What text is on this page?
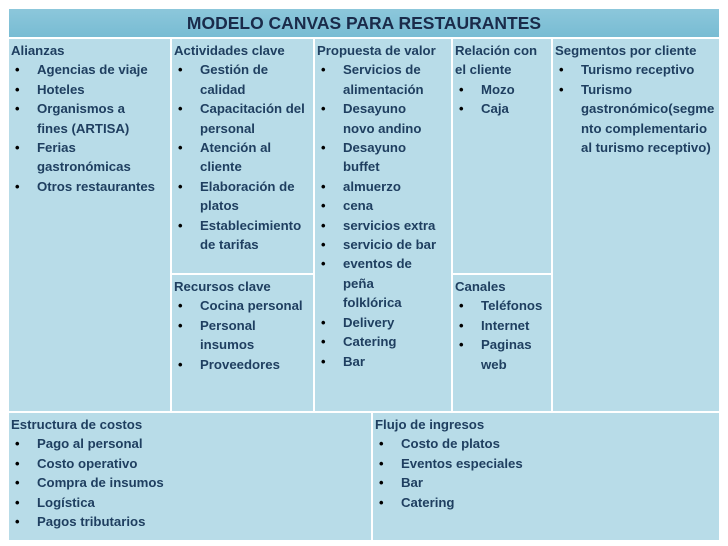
MODELO CANVAS PARA RESTAURANTES
Alianzas
• Agencias de viaje
• Hoteles
• Organismos a fines (ARTISA)
• Ferias gastronómicas
• Otros restaurantes
Actividades clave
• Gestión de calidad
• Capacitación del personal
• Atención al cliente
• Elaboración de platos
• Establecimiento de tarifas
Recursos clave
• Cocina personal
• Personal insumos
• Proveedores
Propuesta de valor
• Servicios de alimentación
• Desayuno novo andino
• Desayuno buffet
• almuerzo
• cena
• servicios extra
• servicio de bar
• eventos de peña folklórica
• Delivery
• Catering
• Bar
Relación con el cliente
• Mozo
• Caja
Canales
• Teléfonos
• Internet
• Paginas web
Segmentos por cliente
• Turismo receptivo
• Turismo gastronómico(segmento complementario al turismo receptivo)
Estructura de costos
• Pago al personal
• Costo operativo
• Compra de insumos
• Logística
• Pagos tributarios
Flujo de ingresos
• Costo de platos
• Eventos especiales
• Bar
• Catering
